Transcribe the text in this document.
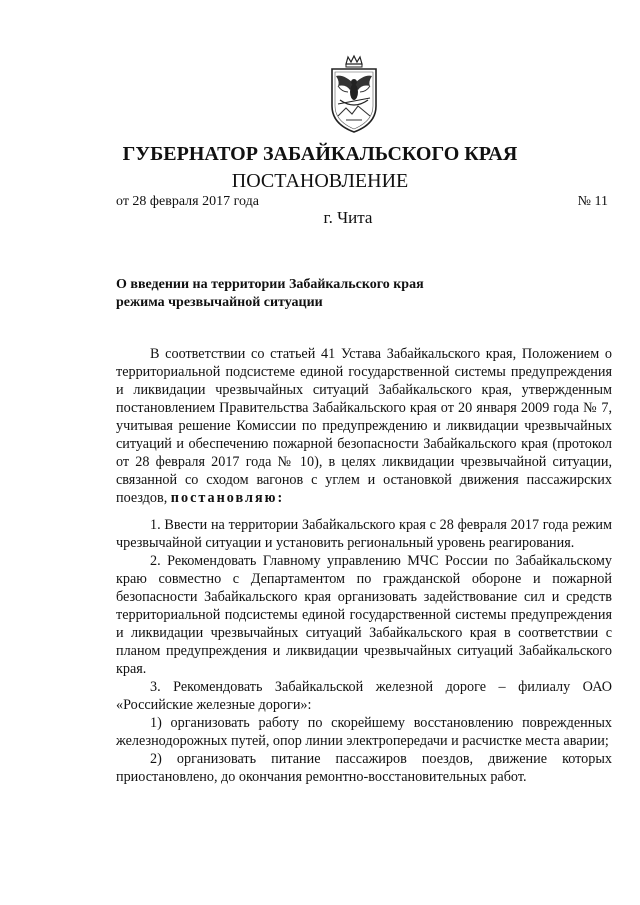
ГУБЕРНАТОР ЗАБАЙКАЛЬСКОГО КРАЯ
ПОСТАНОВЛЕНИЕ
от 28 февраля 2017 года	№ 11
г. Чита
О введении на территории Забайкальского края
режима чрезвычайной ситуации

В соответствии со статьей 41 Устава Забайкальского края, Положением о территориальной подсистеме единой государственной системы предупреждения и ликвидации чрезвычайных ситуаций Забайкальского края, утвержденным постановлением Правительства Забайкальского края от 20 января 2009 года № 7, учитывая решение Комиссии по предупреждению и ликвидации чрезвычайных ситуаций и обеспечению пожарной безопасности Забайкальского края (протокол от 28 февраля 2017 года № 10), в целях ликвидации чрезвычайной ситуации, связанной со сходом вагонов с углем и остановкой движения пассажирских поездов, постановляю:

1. Ввести на территории Забайкальского края с 28 февраля 2017 года режим чрезвычайной ситуации и установить региональный уровень реагирования.

2. Рекомендовать Главному управлению МЧС России по Забайкальскому краю совместно с Департаментом по гражданской обороне и пожарной безопасности Забайкальского края организовать задействование сил и средств территориальной подсистемы единой государственной системы предупреждения и ликвидации чрезвычайных ситуаций Забайкальского края в соответствии с планом предупреждения и ликвидации чрезвычайных ситуаций Забайкальского края.

3. Рекомендовать Забайкальской железной дороге – филиалу ОАО «Российские железные дороги»:

1) организовать работу по скорейшему восстановлению поврежденных железнодорожных путей, опор линии электропередачи и расчистке места аварии;

2) организовать питание пассажиров поездов, движение которых приостановлено, до окончания ремонтно-восстановительных работ.
